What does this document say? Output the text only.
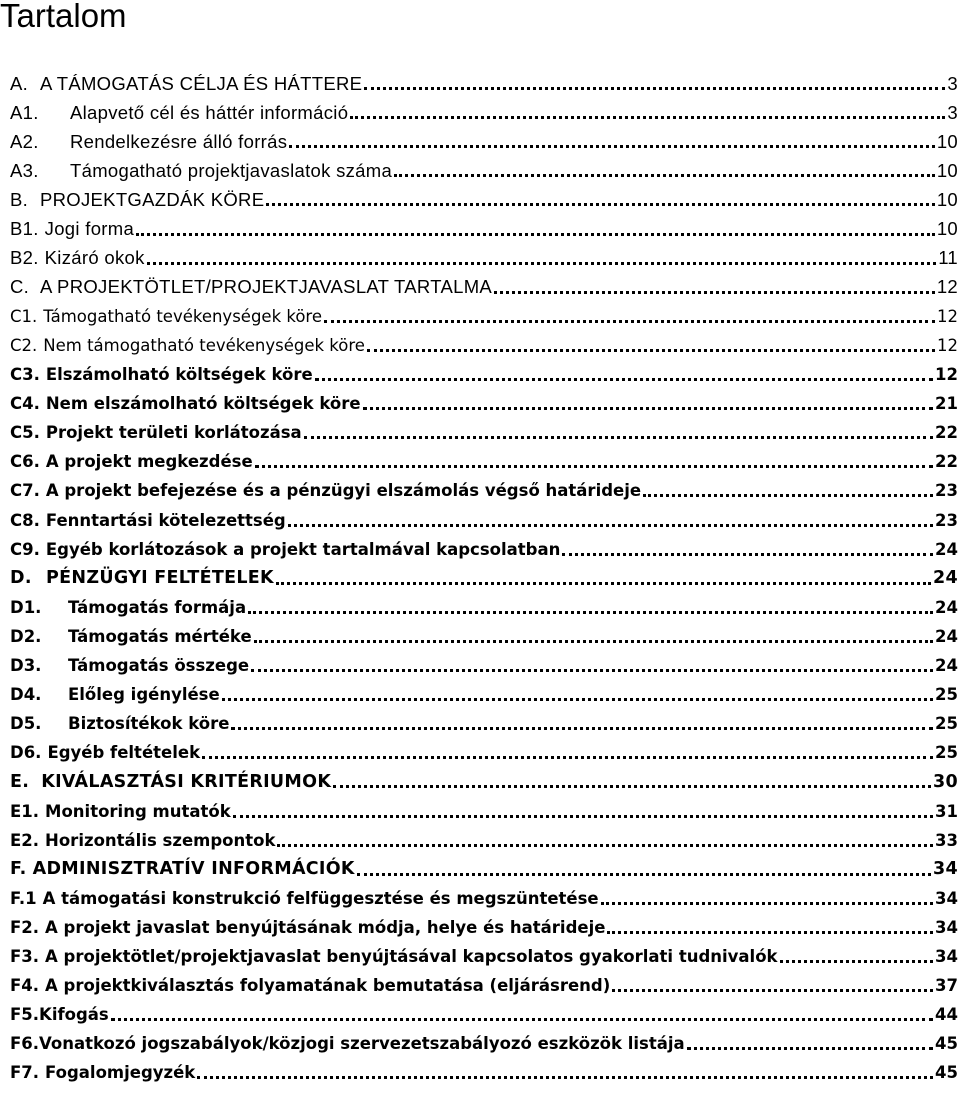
Tartalom
A. A TÁMOGATÁS CÉLJA ÉS HÁTTERE	3
A1.	Alapvető cél és háttér információ	3
A2.	Rendelkezésre álló forrás	10
A3.	Támogatható projektjavaslatok száma	10
B. PROJEKTGAZDÁK KÖRE	10
B1. Jogi forma	10
B2. Kizáró okok	11
C. A PROJEKTÖTLET/PROJEKTJAVASLAT TARTALMA	12
C1. Támogatható tevékenységek köre	12
C2. Nem támogatható tevékenységek köre	12
C3. Elszámolható költségek köre	12
C4. Nem elszámolható költségek köre	21
C5. Projekt területi korlátozása	22
C6. A projekt megkezdése	22
C7. A projekt befejezése és a pénzügyi elszámolás végső határideje	23
C8. Fenntartási kötelezettség	23
C9. Egyéb korlátozások a projekt tartalmával kapcsolatban	24
D. PÉNZÜGYI FELTÉTELEK	24
D1.	Támogatás formája	24
D2.	Támogatás mértéke	24
D3.	Támogatás összege	24
D4.	Előleg igénylése	25
D5.	Biztosítékok köre	25
D6. Egyéb feltételek	25
E. KIVÁLASZTÁSI KRITÉRIUMOK	30
E1. Monitoring mutatók	31
E2. Horizontális szempontok	33
F. ADMINISZTRATÍV INFORMÁCIÓK	34
F.1 A támogatási konstrukció felfüggesztése és megszüntetése	34
F2. A projekt javaslat benyújtásának módja, helye és határideje	34
F3. A projektötlet/projektjavaslat benyújtásával kapcsolatos gyakorlati tudnivalók	34
F4. A projektkiválasztás folyamatának bemutatása (eljárásrend)	37
F5. Kifogás	44
F6. Vonatkozó jogszabályok/közjogi szervezetszabályozó eszközök listája	45
F7. Fogalomjegyzék	45
